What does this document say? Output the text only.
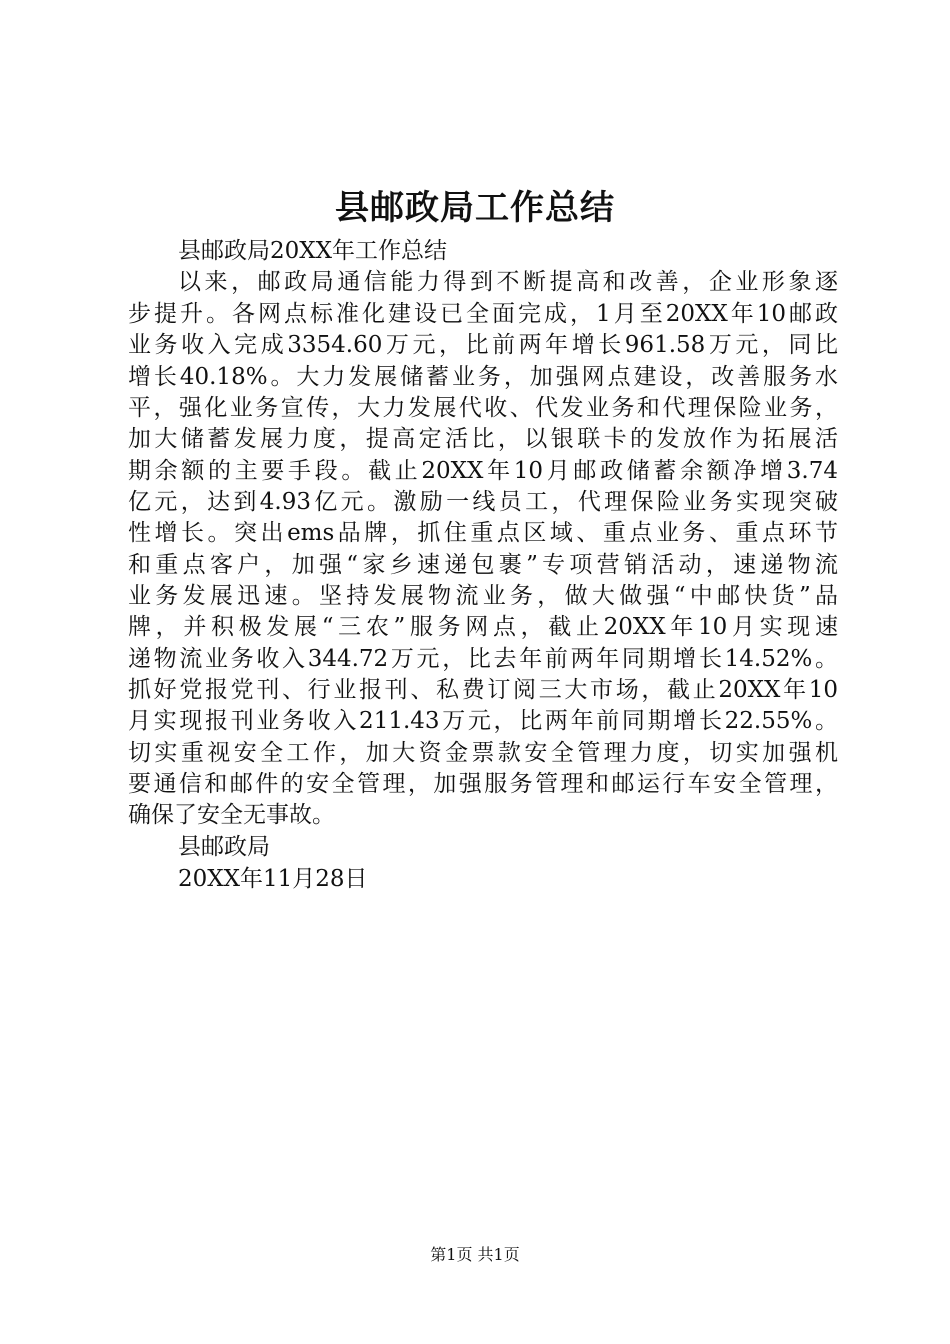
县邮政局工作总结
县邮政局20XX年工作总结
以来，邮政局通信能力得到不断提高和改善，企业形象逐
步提升。各网点标准化建设已全面完成，1月至20XX年10邮政
业务收入完成3354.60万元，比前两年增长961.58万元，同比
增长40.18%。大力发展储蓄业务，加强网点建设，改善服务水
平，强化业务宣传，大力发展代收、代发业务和代理保险业务，
加大储蓄发展力度，提高定活比，以银联卡的发放作为拓展活
期余额的主要手段。截止20XX年10月邮政储蓄余额净增3.74
亿元，达到4.93亿元。激励一线员工，代理保险业务实现突破
性增长。突出ems品牌，抓住重点区域、重点业务、重点环节
和重点客户，加强“家乡速递包裹”专项营销活动，速递物流
业务发展迅速。坚持发展物流业务，做大做强“中邮快货”品
牌，并积极发展“三农”服务网点，截止20XX年10月实现速
递物流业务收入344.72万元，比去年前两年同期增长14.52%。
抓好党报党刊、行业报刊、私费订阅三大市场，截止20XX年10
月实现报刊业务收入211.43万元，比两年前同期增长22.55%。
切实重视安全工作，加大资金票款安全管理力度，切实加强机
要通信和邮件的安全管理，加强服务管理和邮运行车安全管理，
确保了安全无事故。
县邮政局
20XX年11月28日
第1页 共1页
